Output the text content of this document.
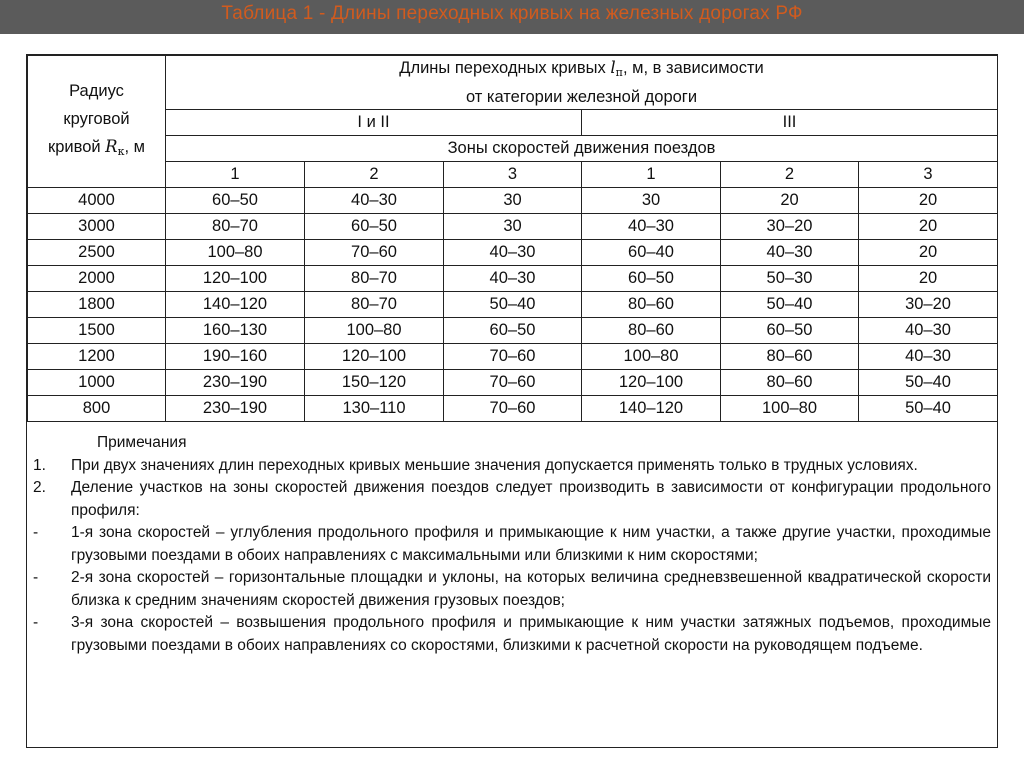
Таблица 1 - Длины переходных кривых на железных дорогах РФ
Радиус
круговой
кривой $R_к$, м	Длины переходных кривых $l_п$, м, в зависимости
от категории железной дороги					
	I и II			III		
	Зоны скоростей движения поездов					
	1	2	3	1	2	3
4000	60–50	40–30	30	30	20	20
3000	80–70	60–50	30	40–30	30–20	20
2500	100–80	70–60	40–30	60–40	40–30	20
2000	120–100	80–70	40–30	60–50	50–30	20
1800	140–120	80–70	50–40	80–60	50–40	30–20
1500	160–130	100–80	60–50	80–60	60–50	40–30
1200	190–160	120–100	70–60	100–80	80–60	40–30
1000	230–190	150–120	70–60	120–100	80–60	50–40
800	230–190	130–110	70–60	140–120	100–80	50–40
Примечания
1. При двух значениях длин переходных кривых меньшие значения допускается применять только в трудных условиях.
2. Деление участков на зоны скоростей движения поездов следует производить в зависимости от конфигурации продольного профиля:
- 1-я зона скоростей – углубления продольного профиля и примыкающие к ним участки, а также другие участки, проходимые грузовыми поездами в обоих направлениях с максимальными или близкими к ним скоростями;
- 2-я зона скоростей – горизонтальные площадки и уклоны, на которых величина средневзвешенной квадратической скорости близка к средним значениям скоростей движения грузовых поездов;
- 3-я зона скоростей – возвышения продольного профиля и примыкающие к ним участки затяжных подъемов, проходимые грузовыми поездами в обоих направлениях со скоростями, близкими к расчетной скорости на руководящем подъеме.
